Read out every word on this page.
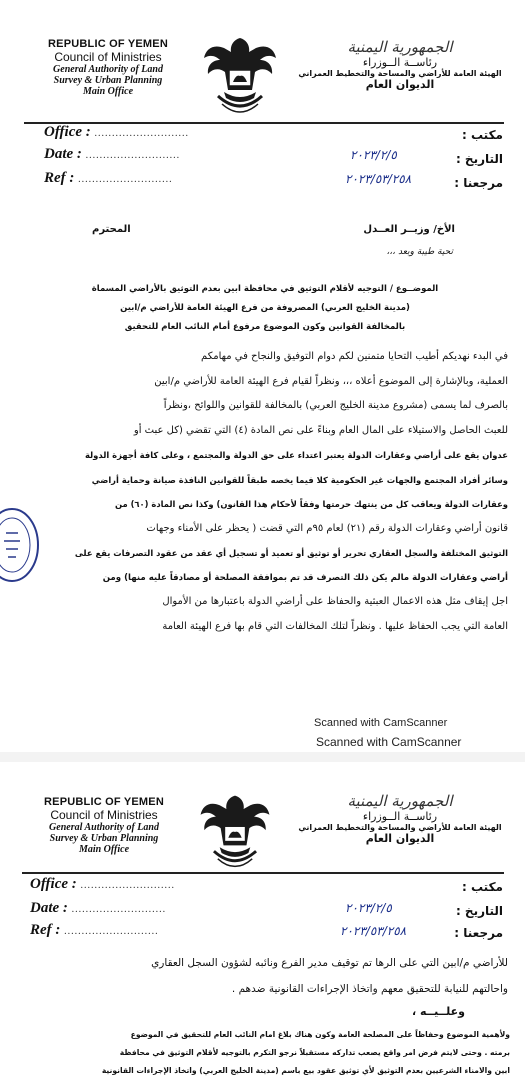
REPUBLIC OF YEMEN
Council of Ministries
General Authority of Land
Survey & Urban Planning
Main Office
الجمهورية اليمنية
رئاســة الــوزراء
الهيئة العامة للأراضي والمساحة والتخطيط العمراني
الديوان العام
Office : ...........................
Date : ...........................
Ref : ...........................
مكتب :
التاريخ :
مرجعنا :
٢٠٢٣/٢/٥
٢٠٢٣/٥٣/٢٥٨
الأخ/ وزيــر العــدل
المحترم
تحية طيبة وبعد ،،،
الموضــوع / التوجيه لأقلام التوثيق في محافظة ابين بعدم التوثيق بالأراضي المسماة
(مدينة الخليج العربي) المصروفة من فرع الهيئة العامة للأراضي م/ابين
بالمخالفة القوانين وكون الموضوع مرفوع أمام النائب العام للتحقيق
في البدء نهديكم أطيب التحايا متمنين لكم دوام التوفيق والنجاح في مهامكم
العملية، وبالإشارة إلى الموضوع أعلاه ،،، ونظراً لقيام فرع الهيئة العامة للأراضي م/ابين
بالصرف لما يسمى (مشروع مدينة الخليج العربي) بالمخالفة للقوانين واللوائح ،ونظراً
للعبث الحاصل والاستيلاء على المال العام وبناءً على نص المادة (٤) التي تقضي (كل عبث أو
عدوان يقع على أراضي وعقارات الدولة يعتبر اعتداء على حق الدولة والمجتمع ، وعلى كافة أجهزة الدولة
وسائر أفراد المجتمع والجهات غير الحكومية كلا فيما يخصه طبقاً للقوانين النافذة صيانة وحماية أراضي
وعقارات الدولة ويعاقب كل من ينتهك حرمتها وفقاً لأحكام هذا القانون) وكذا نص المادة (٦٠) من
قانون أراضي وعقارات الدولة رقم (٢١) لعام ٩٥م التي قضت ( يحظر على الأمناء وجهات
التوثيق المختلفة والسجل العقاري تحرير أو توثيق أو تعميد أو تسجيل أي عقد من عقود التصرفات يقع على
أراضي وعقارات الدولة مالم يكن ذلك التصرف قد تم بموافقة المصلحة أو مصادقاً عليه منها) ومن
اجل إيقاف مثل هذه الاعمال العبثية والحفاظ على أراضي الدولة باعتبارها من الأموال
العامة التي يجب الحفاظ عليها . ونظراً لتلك المخالفات التي قام بها فرع الهيئة العامة
Scanned with CamScanner
Scanned with CamScanner
REPUBLIC OF YEMEN
Council of Ministries
General Authority of Land
Survey & Urban Planning
Main Office
الجمهورية اليمنية
رئاســة الــوزراء
الهيئة العامة للأراضي والمساحة والتخطيط العمراني
الديوان العام
Office : ...........................
Date : ...........................
Ref : ...........................
مكتب :
التاريخ :
مرجعنا :
٢٠٢٣/٢/٥
٢٠٢٣/٥٣/٢٥٨
للأراضي م/ابين التي على الرها تم توقيف مدير الفرع ونائبه لشؤون السجل العقاري
واحالتهم للنيابة للتحقيق معهم واتخاذ الإجراءات القانونية ضدهم .
وعلــيــه ،
ولأهمية الموضوع وحفاظاً على المصلحة العامة وكون هناك بلاغ امام النائب العام للتحقيق في الموضوع
برمته . وحتى لايتم فرض امر واقع يصعب تداركه مستقبلاً نرجو التكرم بالتوجيه لأقلام التوثيق في محافظة
ابين والامناء الشرعيين بعدم التوثيق لأي توثيق عقود بيع باسم (مدينة الخليج العربي) واتخاذ الإجراءات القانونية
